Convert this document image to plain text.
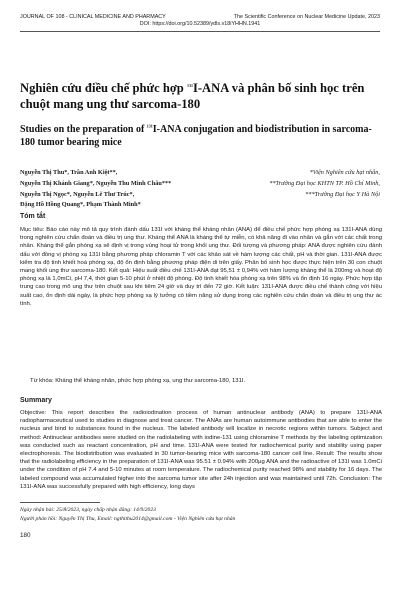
JOURNAL OF 108 - CLINICAL MEDICINE AND PHARMACY	The Scientific Conference on Nuclear Medicine Update, 2023
DOI: https://doi.org/10.52389/ydls.v18iYHHN.1941
Nghiên cứu điều chế phức hợp $^{131}$I-ANA và phân bố sinh học trên chuột mang ung thư sarcoma-180
Studies on the preparation of $^{131}$I-ANA conjugation and biodistribution in sarcoma-180 tumor bearing mice
Nguyễn Thị Thu*, Trần Anh Kiệt**,
Nguyễn Thị Khánh Giang*, Nguyễn Thu Minh Châu***
Nguyễn Thị Ngọc*, Nguyễn Lê Thư Trúc*,
Đặng Hồ Hồng Quang*, Phạm Thành Minh*
*Viện Nghiên cứu hạt nhân,
**Trường Đại học KHTN TP. Hồ Chí Minh,
***Trường Đại học Y Hà Nội
Tóm tắt

Mục tiêu: Báo cáo này mô tả quy trình đánh dấu 131I với kháng thể kháng nhân (ANA) để điều chế phức hợp phóng xạ 131I-ANA dùng trong nghiên cứu chẩn đoán và điều trị ung thư. Kháng thể ANA là kháng thể tự miễn, có khả năng đi vào nhân và gắn với các chất trong nhân. Kháng thể gắn phóng xạ sẽ định vị trong vùng hoại tử trong khối ung thư. Đối tượng và phương pháp: ANA được nghiên cứu đánh dấu với đồng vị phóng xạ 131I bằng phương pháp chloramin T với các khảo sát về hàm lượng các chất, pH và thời gian. 131I-ANA được kiểm tra độ tinh khiết hoá phóng xạ, độ ổn định bằng phương pháp điện di trên giấy. Phân bố sinh học được thực hiện trên 30 con chuột mang khối ung thư sarcoma-180. Kết quả: Hiệu suất điều chế 131I-ANA đạt 95,51 ± 0,94% với hàm lượng kháng thể là 200mg và hoạt độ phóng xạ là 1,0mCi, pH 7,4, thời gian 5-10 phút ở nhiệt độ phòng. Độ tinh khiết hóa phóng xạ trên 98% và ổn định 16 ngày. Phức hợp tập trung cao trong mô ung thư trên chuột sau khi tiêm 24 giờ và duy trì đến 72 giờ. Kết luận: 131I-ANA được điều chế thành công với hiệu suất cao, ổn định dài ngày, là phức hợp phóng xạ lý tưởng có tiềm năng sử dụng trong các nghiên cứu chẩn đoán và điều trị ung thư ác tính.

Từ khóa: Kháng thể kháng nhân, phức hợp phóng xạ, ung thư sarcoma-180, 131I.

Summary

Objective: This report describes the radioiodination process of human antinuclear antibody (ANA) to prepare 131I-ANA radiopharmaceutical used to studies in diagnose and treat cancer. The ANAs are human autoimmune antibodies that are able to enter the nucleus and bind to substances found in the nucleus. The labeled antibody will localize in necrotic regions within tumors. Subject and method: Antinuclear antibodies were studied on the radiolabeling with iodine-131 using chloramine T methods by the labeling optimization was conducted such as reactant concentration, pH and time. 131I-ANA were tested for radiochemical purity and stability using paper electrophoresis. The biodistribution was evaluated in 30 tumor-bearing mice with sarcoma-180 cancer cell line. Result: The results show that the radiolabeling efficiency in the preparation of 131I-ANA was 95.51 ± 0.94% with 200µg ANA and the radioactive of 131I was 1.0mCi under the condition of pH 7.4 and 5-10 minutes at room temperature. The radiochemical purity reached 98% and stability for 16 days. The labeled compound was accumulated higher into the sarcoma tumor site after 24h injection and was maintained until 72h. Conclusion: The 131I-ANA was successfully prepared with high efficiency, long days

Ngày nhận bài: 25/8/2023, ngày chấp nhận đăng: 14/9/2023
Người phản hồi: Nguyễn Thị Thu, Email: ngthithu2014@gmail.com - Viện Nghiên cứu hạt nhân
180
